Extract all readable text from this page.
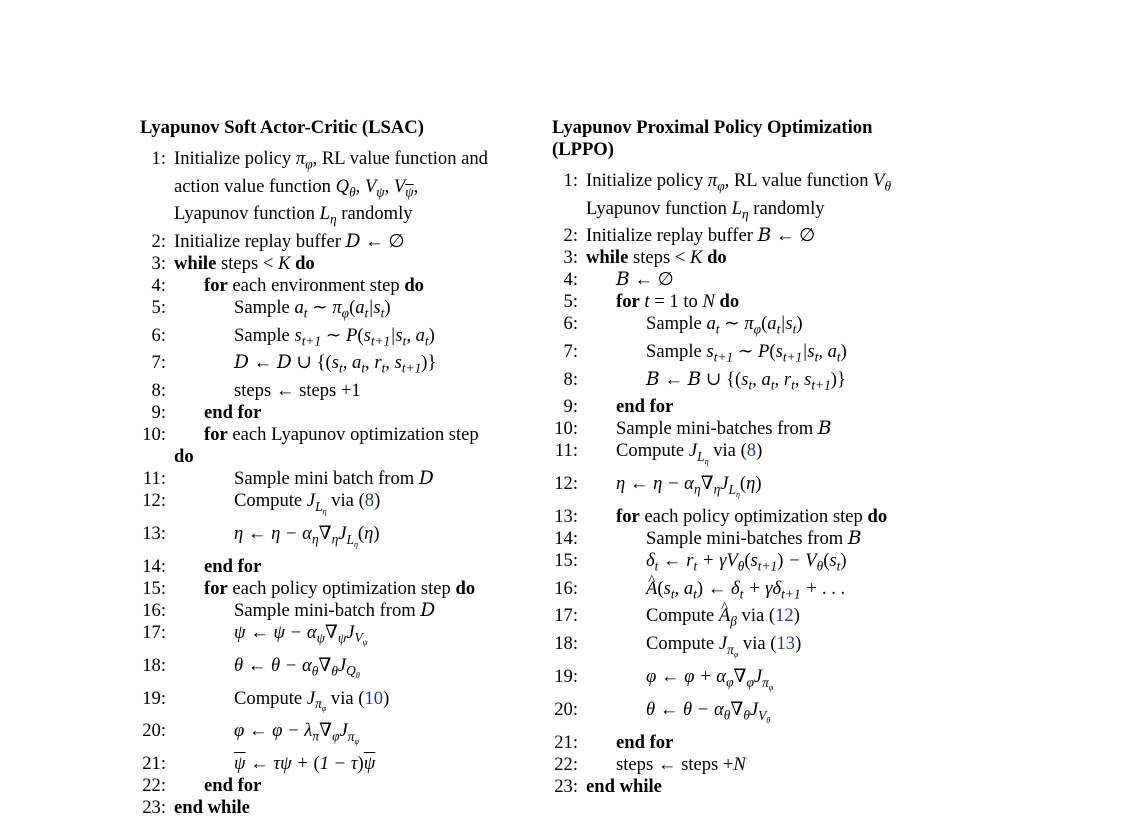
Lyapunov Soft Actor-Critic (LSAC)
1: Initialize policy $\pi_\varphi$, RL value function and
action value function $Q_\theta$, $V_\psi$, $V_{\overline{\psi}}$,
Lyapunov function $L_\eta$ randomly
2: Initialize replay buffer D ← ∅
3: while steps < K do
4:	for each environment step do
5:	Sample $a_t$ ∼ $\pi_\varphi(a_t|s_t)$
6:	Sample $s_{t+1}$ ∼ $P(s_{t+1}|s_t$, $a_t$)
7:	D ← D ∪ {($s_t$, $a_t$, $r_t$, $s_{t+1}$)}
8:	steps ← steps +1
9:	end for
10:	for each Lyapunov optimization step
do
11:	Sample mini batch from D
12:	Compute $J_{L_\eta}$ via (8)
13:	η ← $\eta - \alpha_\eta\nabla_\eta J_{L_\eta}(\eta)$
14:	end for
15:	for each policy optimization step do
16:	Sample mini-batch from D
17:	ψ ← $\psi - \alpha_\psi\nabla_\psi J_{V_\psi}$
18:	θ ← $\theta - \alpha_\theta\nabla_\theta J_{Q_\theta}$
19:	Compute $J_{\pi_\varphi}$ via (10)
20:	φ ← $\varphi - \lambda_\pi\nabla_\varphi J_{\pi_\varphi}$
21:	$\overline{\psi}$ ← $\tau\psi + (1 - \tau)\overline{\psi}$
22:	end for
23: end while
Lyapunov Proximal Policy Optimization
(LPPO)
1: Initialize policy $\pi_\varphi$, RL value function $V_\theta$
Lyapunov function $L_\eta$ randomly
2: Initialize replay buffer B ← ∅
3: while steps < K do
4:	B ← ∅
5:	for t = 1 to N do
6:	Sample $a_t$ ∼ $\pi_\varphi(a_t|s_t)$
7:	Sample $s_{t+1}$ ∼ $P(s_{t+1}|s_t$, $a_t$)
8:	B ← B ∪ {($s_t$, $a_t$, $r_t$, $s_{t+1}$)}
9:	end for
10:	Sample mini-batches from B
11:	Compute $J_{L_\eta}$ via (8)
12:	η ← $\eta - \alpha_\eta\nabla_\eta J_{L_\eta}(\eta)$
13:	for each policy optimization step do
14:	Sample mini-batches from B
15:	$\delta_t$ ← $r_t + \gamma V_\theta(s_{t+1}) - V_\theta(s_t)$
16:	^ $A(s_t$, $a_t$) ← $\delta_t + \gamma\delta_{t+1}$ + . . .
17:	Compute ^ $A_\beta$ via (12)
18:	Compute $J_{\pi_\varphi}$ via (13)
19:	φ ← $\varphi + \alpha_\varphi\nabla_\varphi J_{\pi_\varphi}$
20:	θ ← $\theta - \alpha_\theta\nabla_\theta J_{V_\theta}$
21:	end for
22:	steps ← steps +N
23: end while
